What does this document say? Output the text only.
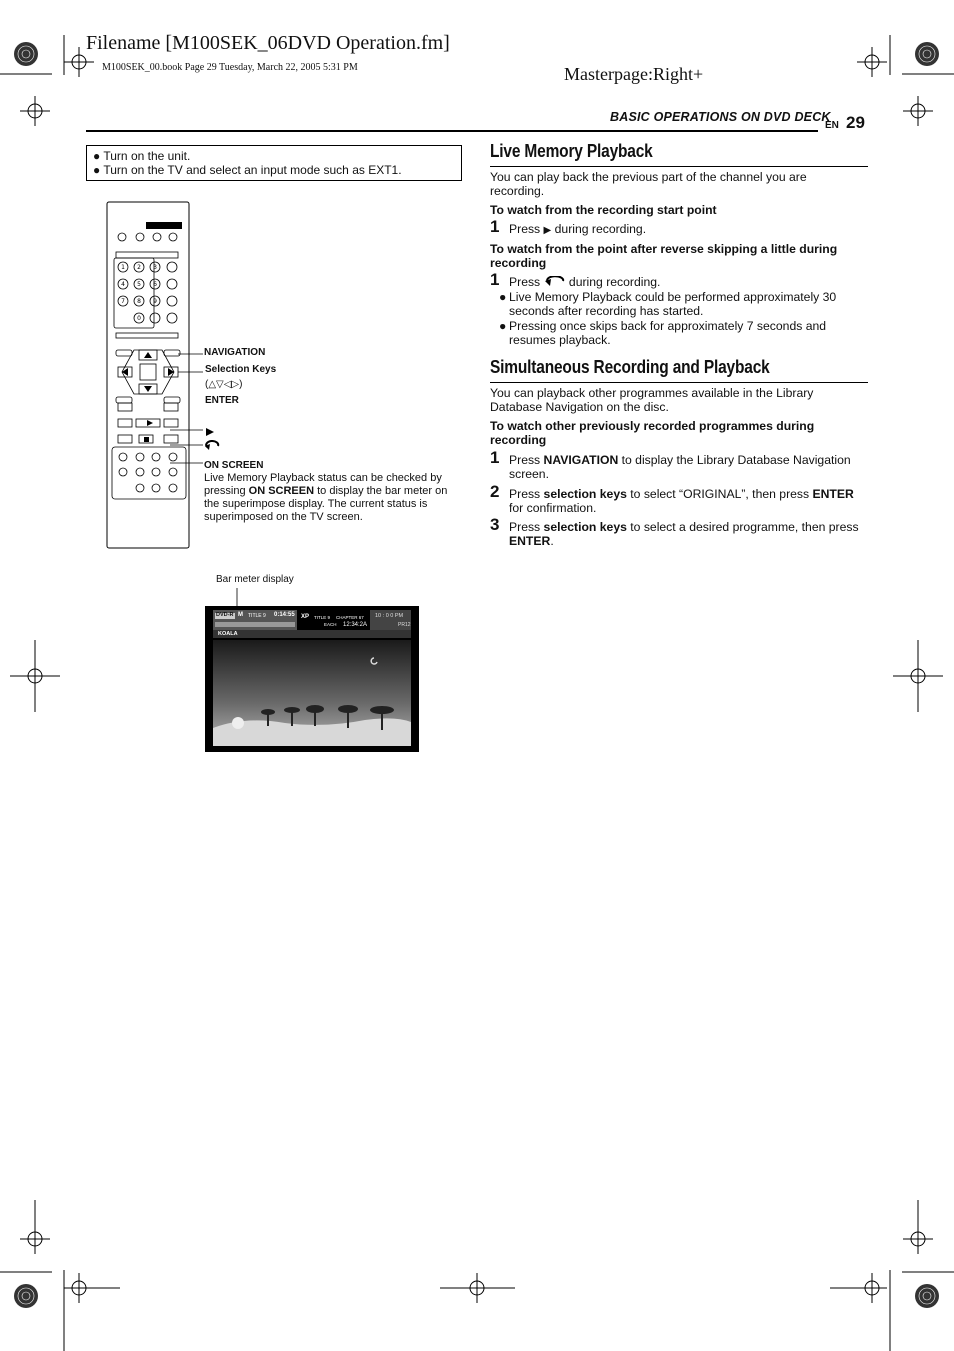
Filename [M100SEK_06DVD Operation.fm]
M100SEK_00.book Page 29 Tuesday, March 22, 2005 5:31 PM	Masterpage:Right+
BASIC OPERATIONS ON DVD DECK
EN 29
● Turn on the unit.
● Turn on the TV and select an input mode such as EXT1.
1 2 3
4 5 6
7 8 9
0
NAVIGATION
Selection Keys
(△▽◁▷)
ENTER
ON SCREEN
Live Memory Playback status can be checked by pressing ON SCREEN to display the bar meter on the superimpose display. The current status is superimposed on the TV screen.
Bar meter display
DVD-R M TITLE 9 0:14:55 XP TITLE 9 CHAPTER 67
EACH 12:34:2A
10 : 0 0 PM
PR12
KOALA
Live Memory Playback
You can play back the previous part of the channel you are recording.
To watch from the recording start point
1 Press ▶ during recording.
To watch from the point after reverse skipping a little during recording
1 Press  during recording.
● Live Memory Playback could be performed approximately 30 seconds after recording has started.
● Pressing once skips back for approximately 7 seconds and resumes playback.
Simultaneous Recording and Playback
You can playback other programmes available in the Library Database Navigation on the disc.
To watch other previously recorded programmes during recording
1 Press NAVIGATION to display the Library Database Navigation screen.
2 Press selection keys to select “ORIGINAL”, then press ENTER for confirmation.
3 Press selection keys to select a desired programme, then press ENTER.
